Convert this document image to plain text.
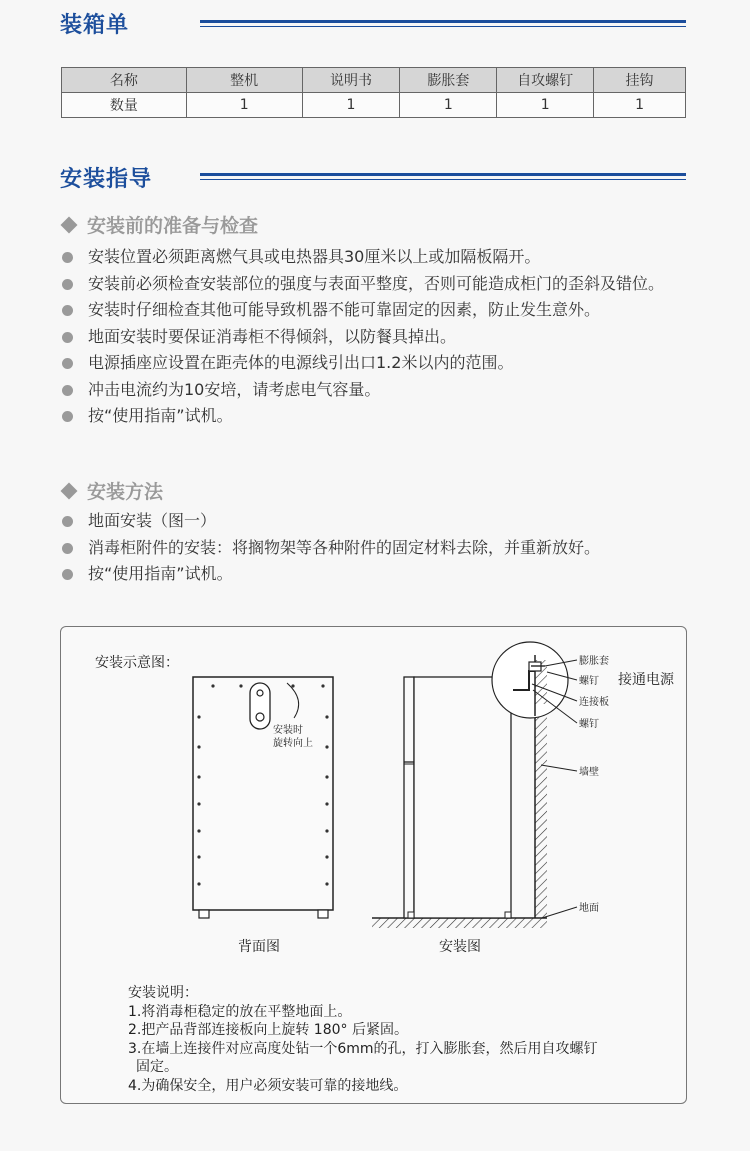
装箱单
名称	整机	说明书	膨胀套	自攻螺钉	挂钩
数量	1	1	1	1	1
安装指导
安装前的准备与检查
安装位置必须距离燃气具或电热器具30厘米以上或加隔板隔开。
安装前必须检查安装部位的强度与表面平整度，否则可能造成柜门的歪斜及错位。
安装时仔细检查其他可能导致机器不能可靠固定的因素，防止发生意外。
地面安装时要保证消毒柜不得倾斜，以防餐具掉出。
电源插座应设置在距壳体的电源线引出口1.2米以内的范围。
冲击电流约为10安培，请考虑电气容量。
按“使用指南”试机。
安装方法
地面安装（图一）
消毒柜附件的安装：将搁物架等各种附件的固定材料去除，并重新放好。
按“使用指南”试机。
安装示意图：
安装时
旋转向上
背面图
膨胀套
螺钉 接通电源
连接板
螺钉
墙壁
地面
安装图
安装说明：
1.将消毒柜稳定的放在平整地面上。
2.把产品背部连接板向上旋转 180° 后紧固。
3.在墙上连接件对应高度处钻一个6mm的孔，打入膨胀套，然后用自攻螺钉
固定。
4.为确保安全，用户必须安装可靠的接地线。
